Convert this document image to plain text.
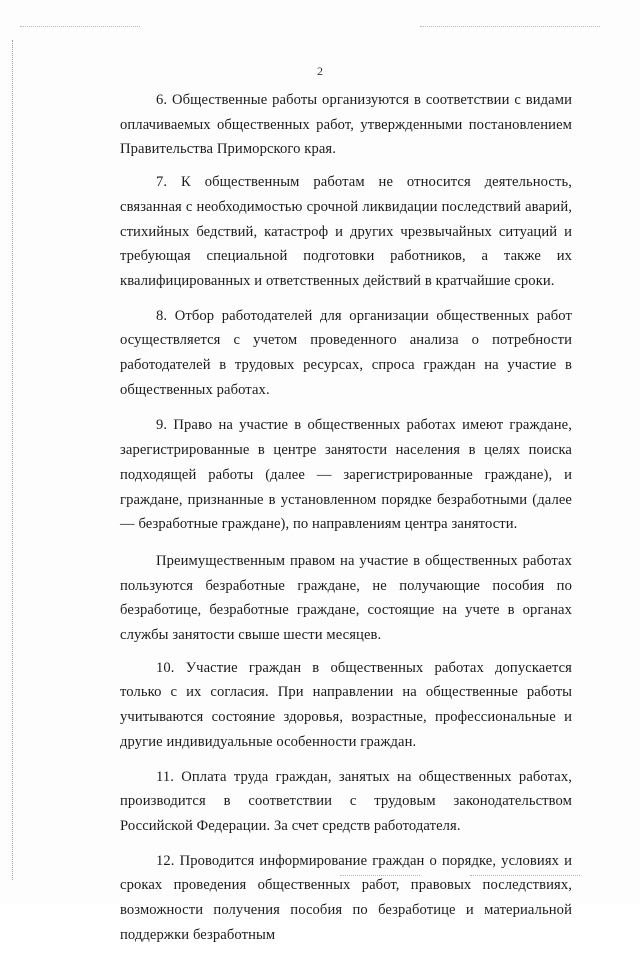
2

6. Общественные работы организуются в соответствии с видами оплачиваемых общественных работ, утвержденными постановлением Правительства Приморского края.

7. К общественным работам не относится деятельность, связанная с необходимостью срочной ликвидации последствий аварий, стихийных бедствий, катастроф и других чрезвычайных ситуаций и требующая специальной подготовки работников, а также их квалифицированных и ответственных действий в кратчайшие сроки.

8. Отбор работодателей для организации общественных работ осуществляется с учетом проведенного анализа о потребности работодателей в трудовых ресурсах, спроса граждан на участие в общественных работах.

9. Право на участие в общественных работах имеют граждане, зарегистрированные в центре занятости населения в целях поиска подходящей работы (далее — зарегистрированные граждане), и граждане, признанные в установленном порядке безработными (далее — безработные граждане), по направлениям центра занятости.

Преимущественным правом на участие в общественных работах пользуются безработные граждане, не получающие пособия по безработице, безработные граждане, состоящие на учете в органах службы занятости свыше шести месяцев.

10. Участие граждан в общественных работах допускается только с их согласия. При направлении на общественные работы учитываются состояние здоровья, возрастные, профессиональные и другие индивидуальные особенности граждан.

11. Оплата труда граждан, занятых на общественных работах, производится в соответствии с трудовым законодательством Российской Федерации. За счет средств работодателя.

12. Проводится информирование граждан о порядке, условиях и сроках проведения общественных работ, правовых последствиях, возможности получения пособия по безработице и материальной поддержки безработным
